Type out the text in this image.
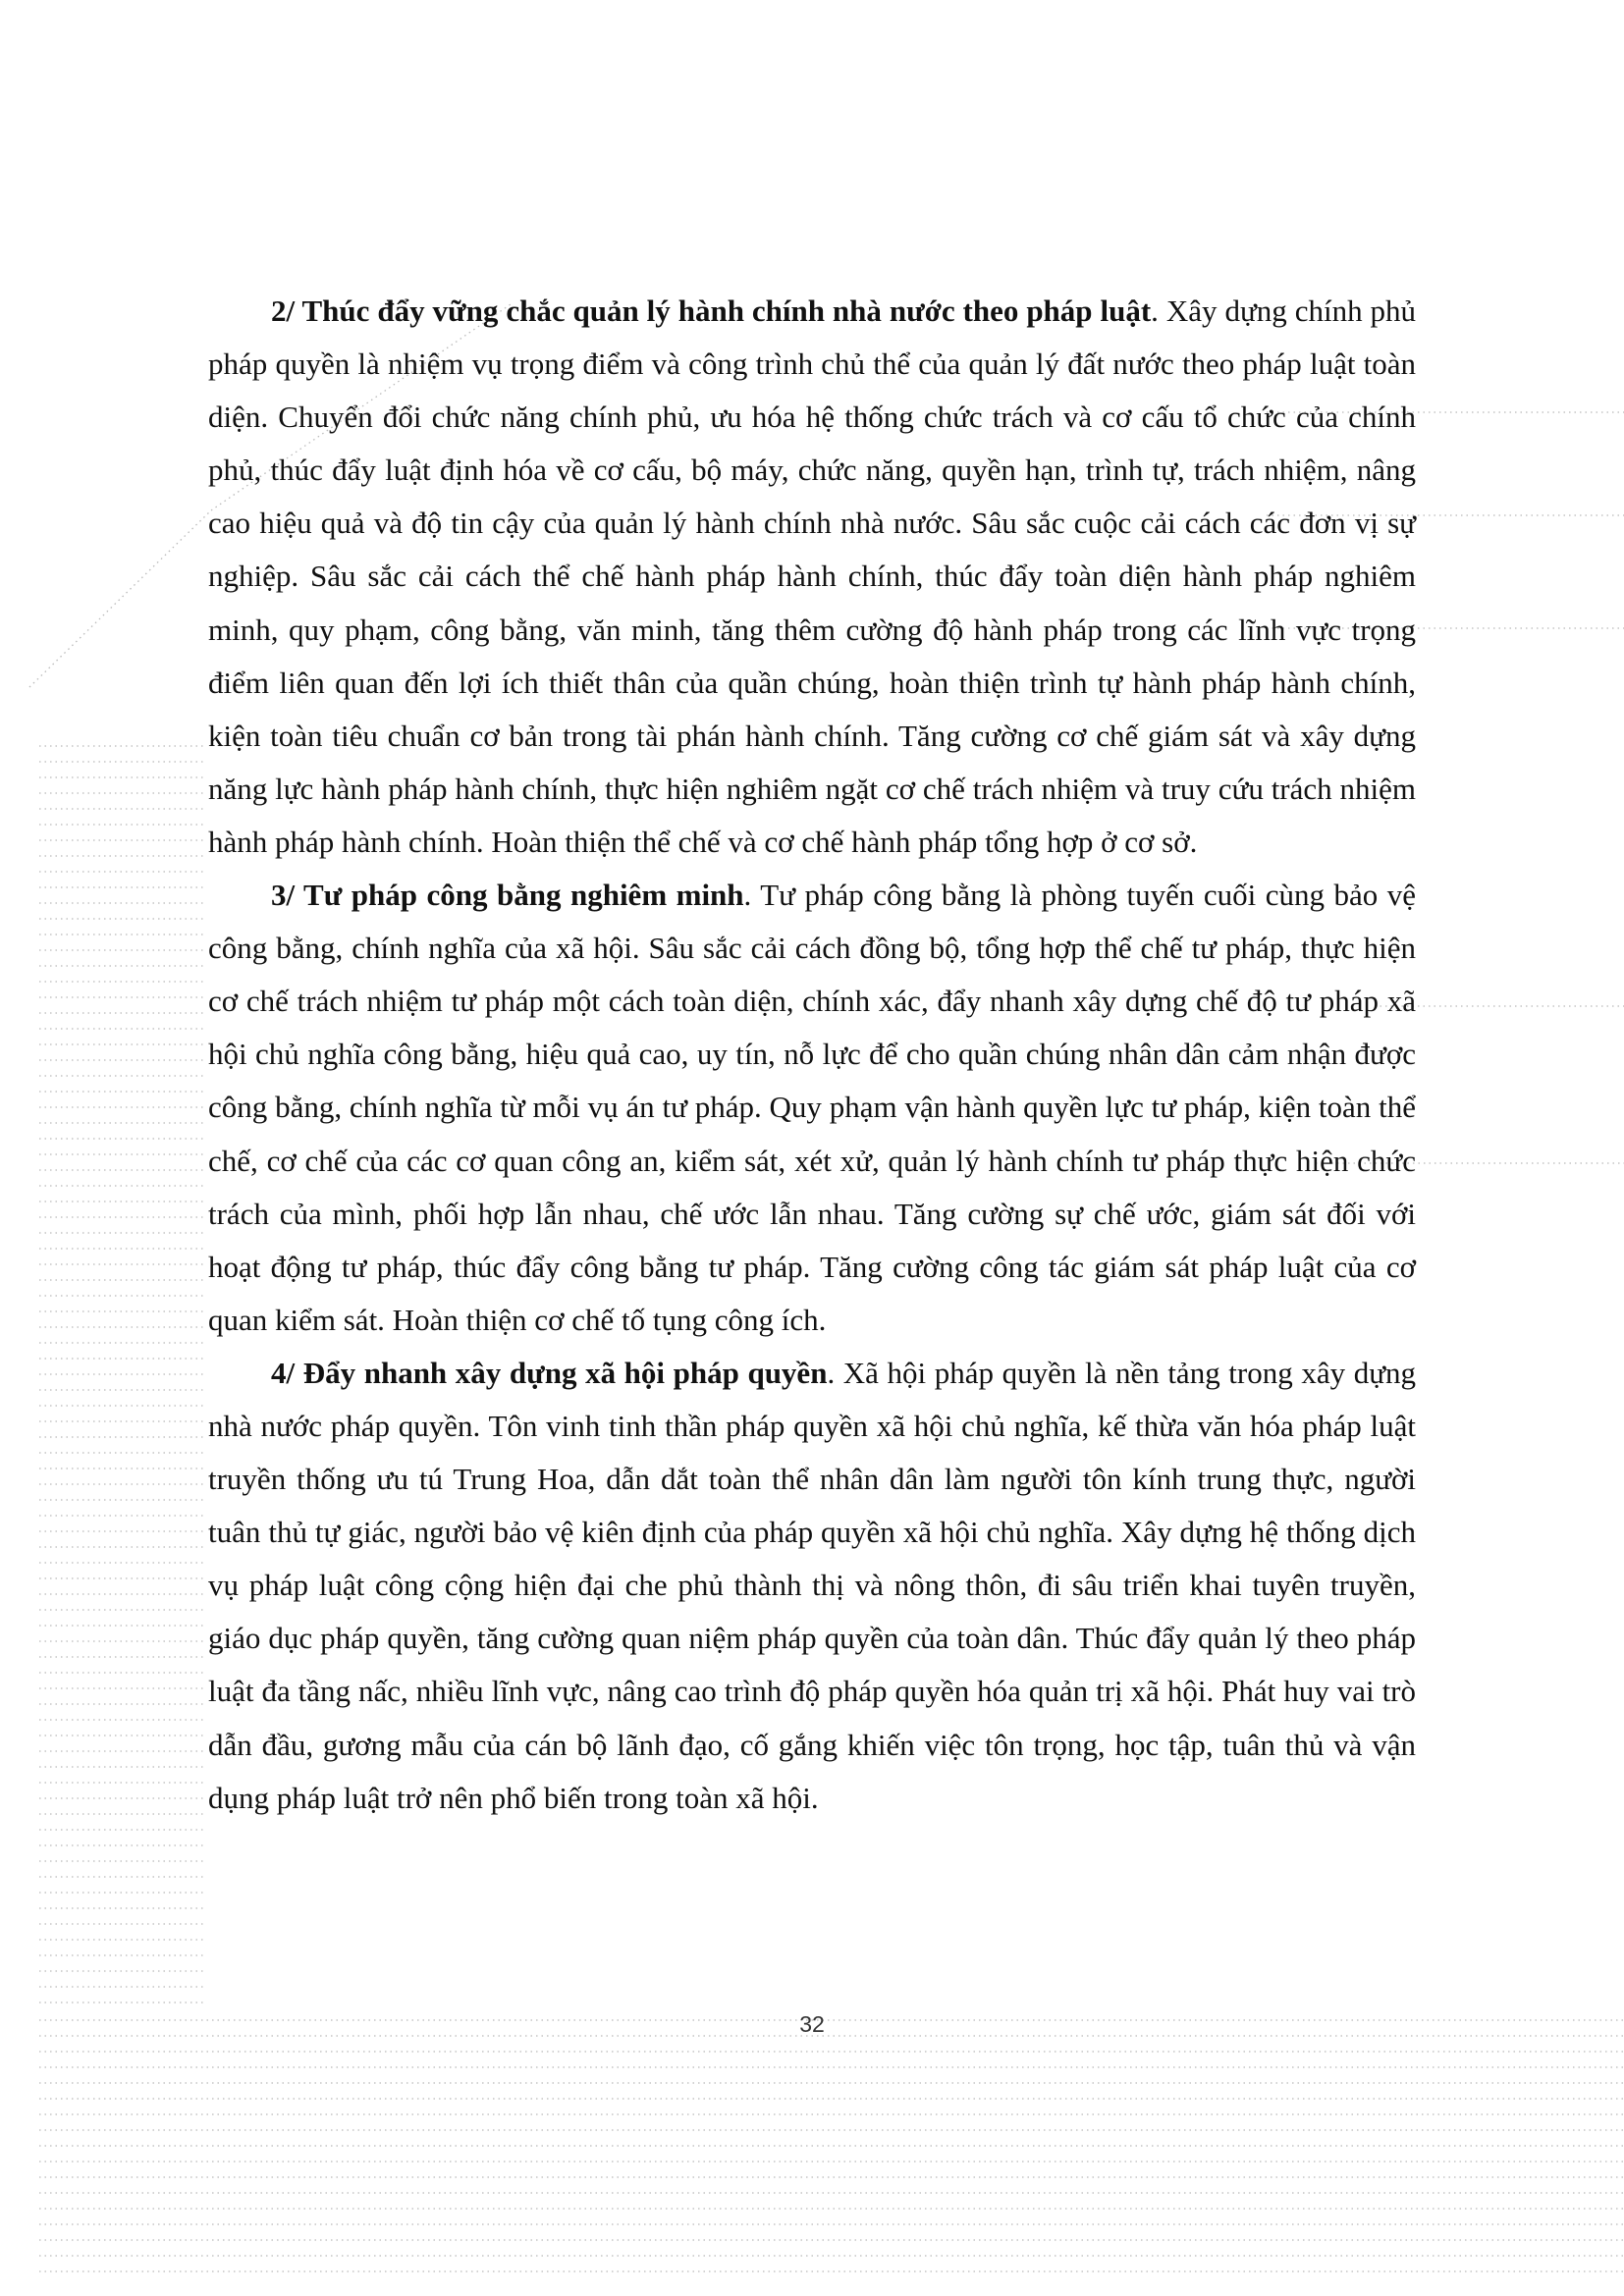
2/ Thúc đẩy vững chắc quản lý hành chính nhà nước theo pháp luật. Xây dựng chính phủ pháp quyền là nhiệm vụ trọng điểm và công trình chủ thể của quản lý đất nước theo pháp luật toàn diện. Chuyển đổi chức năng chính phủ, ưu hóa hệ thống chức trách và cơ cấu tổ chức của chính phủ, thúc đẩy luật định hóa về cơ cấu, bộ máy, chức năng, quyền hạn, trình tự, trách nhiệm, nâng cao hiệu quả và độ tin cậy của quản lý hành chính nhà nước. Sâu sắc cuộc cải cách các đơn vị sự nghiệp. Sâu sắc cải cách thể chế hành pháp hành chính, thúc đẩy toàn diện hành pháp nghiêm minh, quy phạm, công bằng, văn minh, tăng thêm cường độ hành pháp trong các lĩnh vực trọng điểm liên quan đến lợi ích thiết thân của quần chúng, hoàn thiện trình tự hành pháp hành chính, kiện toàn tiêu chuẩn cơ bản trong tài phán hành chính. Tăng cường cơ chế giám sát và xây dựng năng lực hành pháp hành chính, thực hiện nghiêm ngặt cơ chế trách nhiệm và truy cứu trách nhiệm hành pháp hành chính. Hoàn thiện thể chế và cơ chế hành pháp tổng hợp ở cơ sở.

3/ Tư pháp công bằng nghiêm minh. Tư pháp công bằng là phòng tuyến cuối cùng bảo vệ công bằng, chính nghĩa của xã hội. Sâu sắc cải cách đồng bộ, tổng hợp thể chế tư pháp, thực hiện cơ chế trách nhiệm tư pháp một cách toàn diện, chính xác, đẩy nhanh xây dựng chế độ tư pháp xã hội chủ nghĩa công bằng, hiệu quả cao, uy tín, nỗ lực để cho quần chúng nhân dân cảm nhận được công bằng, chính nghĩa từ mỗi vụ án tư pháp. Quy phạm vận hành quyền lực tư pháp, kiện toàn thể chế, cơ chế của các cơ quan công an, kiểm sát, xét xử, quản lý hành chính tư pháp thực hiện chức trách của mình, phối hợp lẫn nhau, chế ước lẫn nhau. Tăng cường sự chế ước, giám sát đối với hoạt động tư pháp, thúc đẩy công bằng tư pháp. Tăng cường công tác giám sát pháp luật của cơ quan kiểm sát. Hoàn thiện cơ chế tố tụng công ích.

4/ Đẩy nhanh xây dựng xã hội pháp quyền. Xã hội pháp quyền là nền tảng trong xây dựng nhà nước pháp quyền. Tôn vinh tinh thần pháp quyền xã hội chủ nghĩa, kế thừa văn hóa pháp luật truyền thống ưu tú Trung Hoa, dẫn dắt toàn thể nhân dân làm người tôn kính trung thực, người tuân thủ tự giác, người bảo vệ kiên định của pháp quyền xã hội chủ nghĩa. Xây dựng hệ thống dịch vụ pháp luật công cộng hiện đại che phủ thành thị và nông thôn, đi sâu triển khai tuyên truyền, giáo dục pháp quyền, tăng cường quan niệm pháp quyền của toàn dân. Thúc đẩy quản lý theo pháp luật đa tầng nấc, nhiều lĩnh vực, nâng cao trình độ pháp quyền hóa quản trị xã hội. Phát huy vai trò dẫn đầu, gương mẫu của cán bộ lãnh đạo, cố gắng khiến việc tôn trọng, học tập, tuân thủ và vận dụng pháp luật trở nên phổ biến trong toàn xã hội.

32
